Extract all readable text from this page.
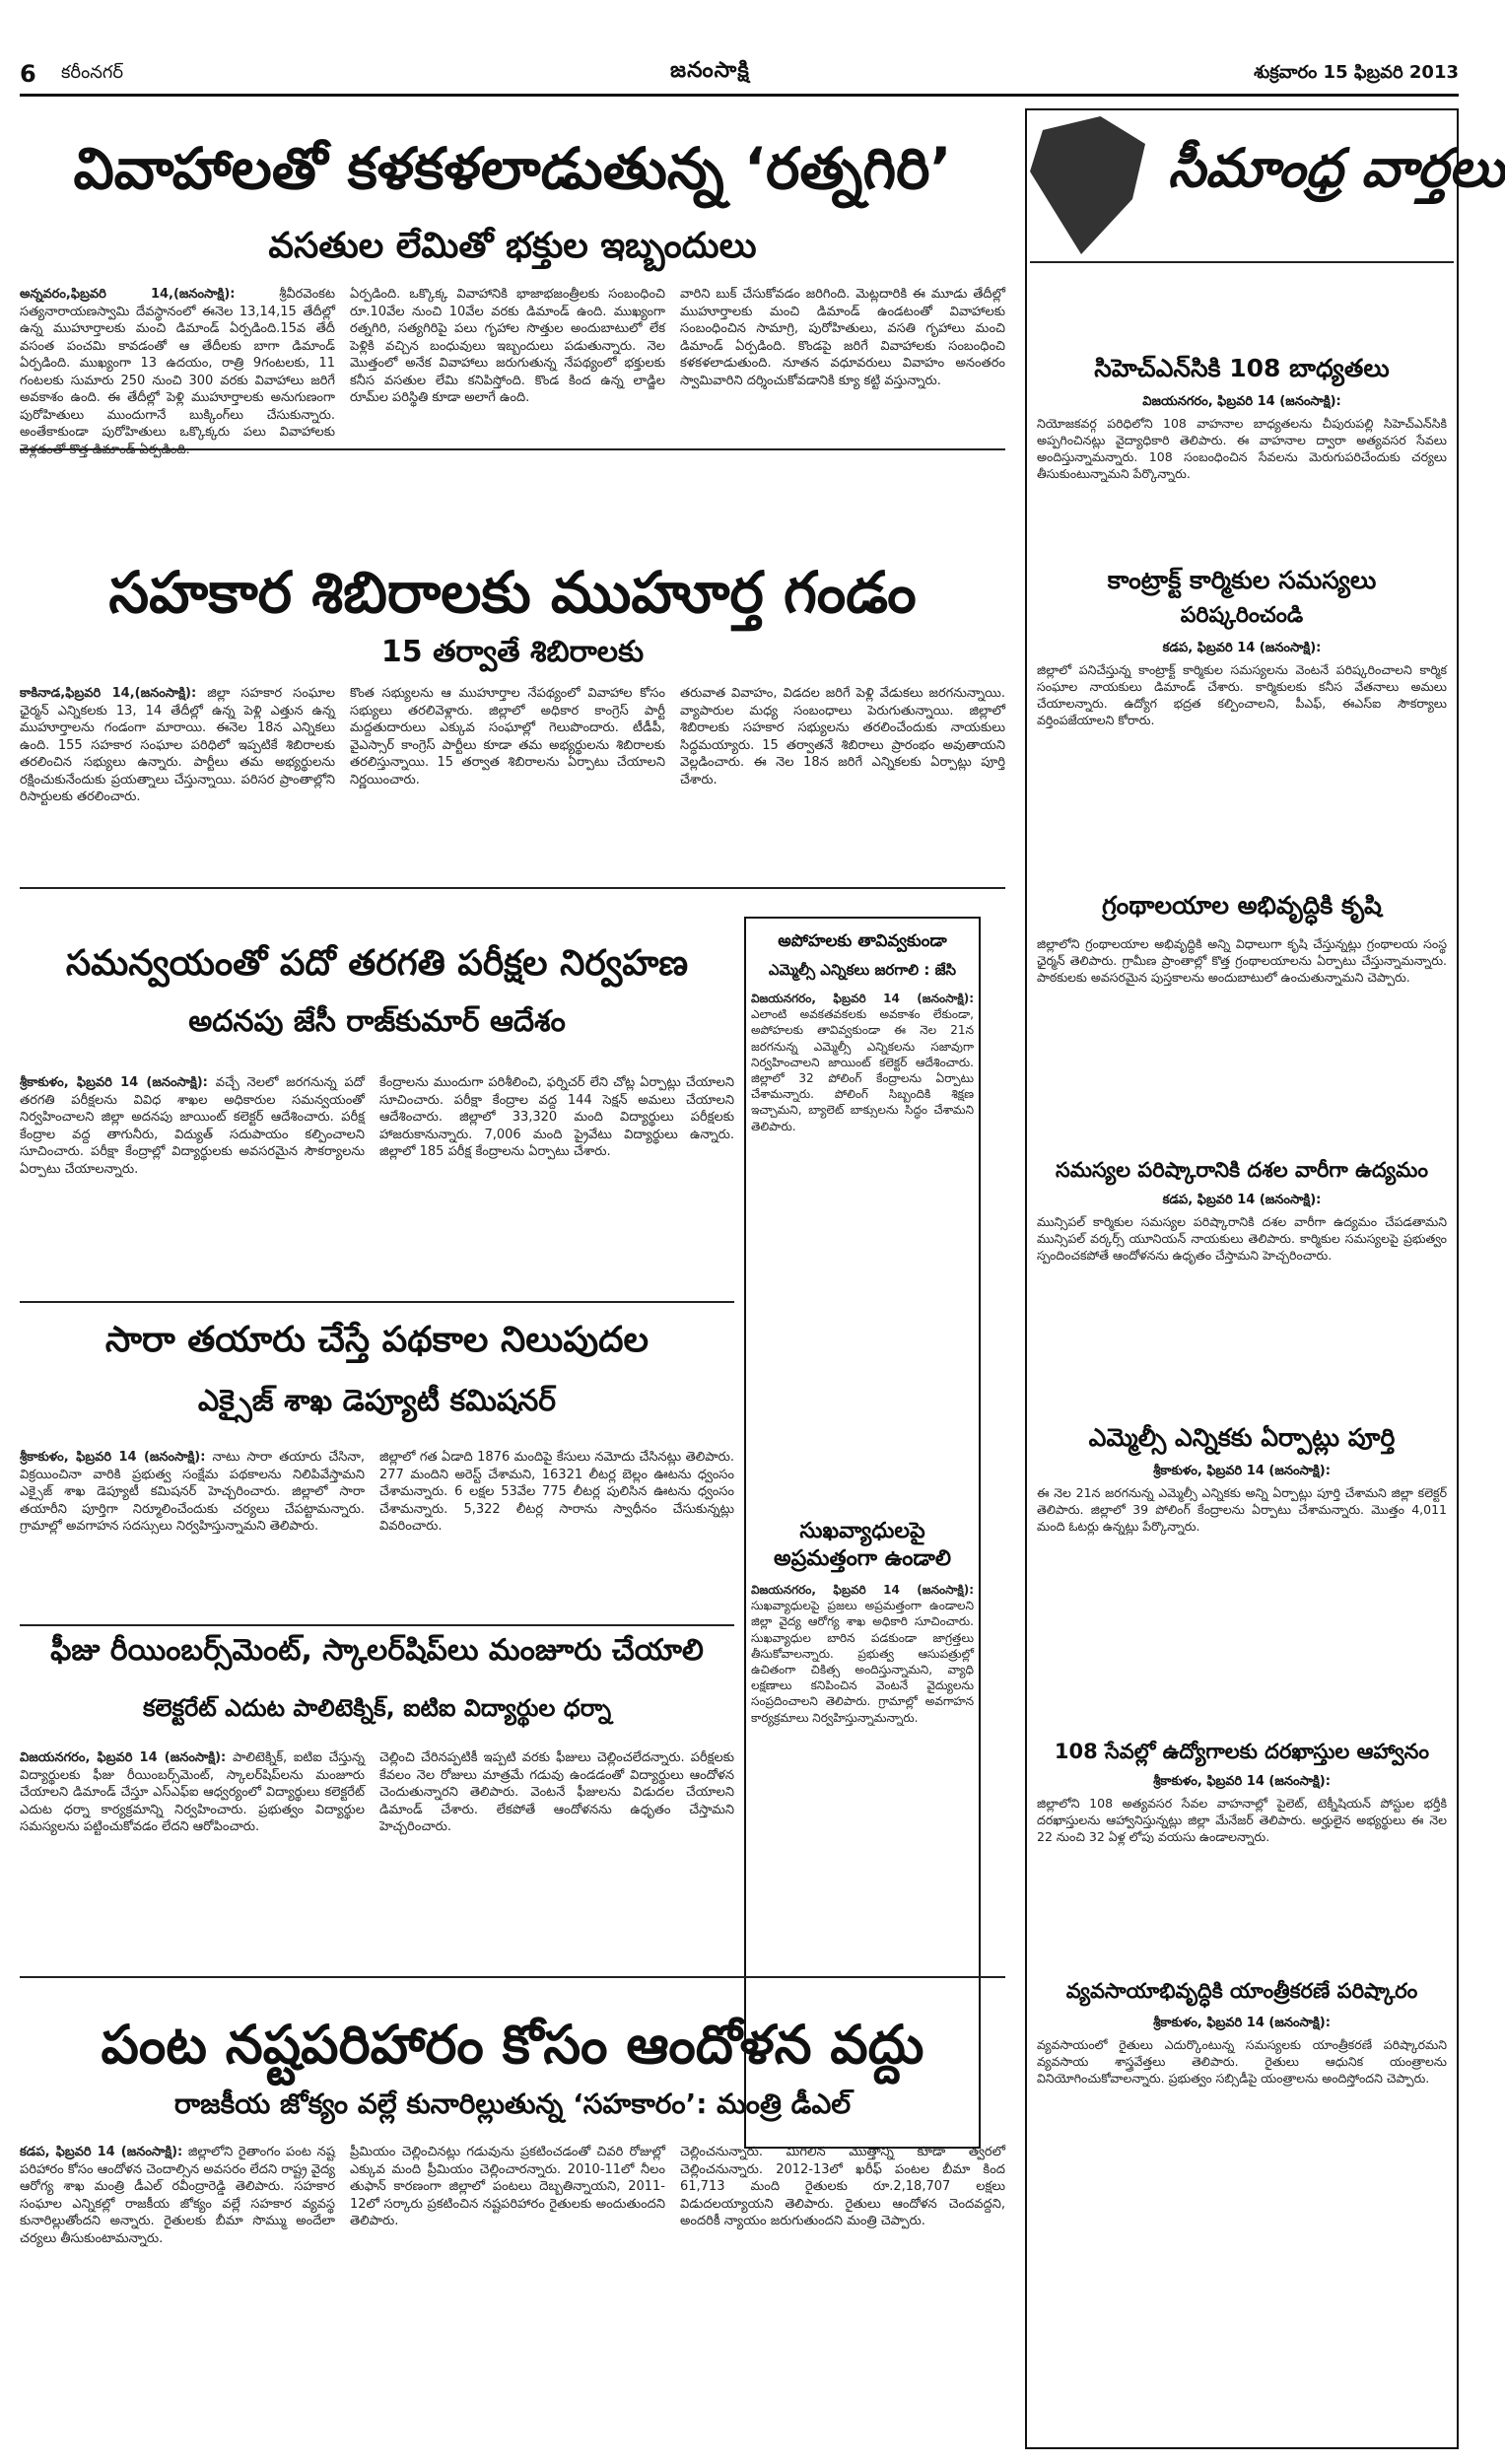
6 కరీంనగర్	జనంసాక్షి	శుక్రవారం 15 ఫిబ్రవరి 2013
వివాహాలతో కళకళలాడుతున్న ‘రత్నగిరి’
వసతుల లేమితో భక్తుల ఇబ్బందులు
అన్నవరం,ఫిబ్రవరి 14,(జనంసాక్షి):	శ్రీవీరవెంకట సత్యనారాయణస్వామి దేవస్థానంలో ఈనెల 13,14,15 తేదీల్లో ఉన్న ముహూర్తాలకు మంచి డిమాండ్ ఏర్పడింది.15వ తేదీ వసంత పంచమి కావడంతో ఆ తేదీలకు బాగా డిమాండ్ ఏర్పడింది. ముఖ్యంగా 13 ఉదయం, రాత్రి 9గంటలకు, 11 గంటలకు సుమారు 250 నుంచి 300 వరకు వివాహాలు జరిగే అవకాశం ఉంది. ఈ తేదీల్లో పెళ్లి ముహూర్తాలకు అనుగుణంగా పురోహితులు ముందుగానే బుక్కింగ్‌లు చేసుకున్నారు. అంతేకాకుండా పురోహితులు ఒక్కొక్కరు పలు వివాహాలకు
ఏర్పడింది. ఒక్కొక్క వివాహానికి భాజాభజంత్రీలకు సంబంధించి రూ.10వేల నుంచి 10వేల వరకు డిమాండ్‌ ఉంది. ముఖ్యంగా రత్నగిరి, సత్యగిరిపై పలు గృహాల సొత్తుల అందుబాటులో లేక పెళ్లికి వచ్చిన బంధువులు ఇబ్బందులు పడుతున్నారు. నెల మొత్తంలో అనేక వివాహాలు జరుగుతున్న నేపథ్యంలో భక్తులకు కనీస వసతుల లేమి కనిపిస్తోంది. కొండ కింద ఉన్న లాడ్జిల రూమ్‌ల పరిస్థితి కూడా అలాగే ఉంది.
వారిని బుక్ చేసుకోవడం జరిగింది. మెట్లదారికి ఈ మూడు తేదీల్లో ముహూర్తాలకు మంచి డిమాండ్‌ ఉండటంతో వివాహాలకు సంబంధించిన సామాగ్రి, పురోహితులు, వసతి గృహాలు మంచి డిమాండ్ ఏర్పడింది. కొండపై జరిగే వివాహాలకు సంబంధించి కళకళలాడుతుంది. నూతన వధూవరులు వివాహం అనంతరం స్వామివారిని దర్శించుకోవడానికి క్యూ కట్టి వస్తున్నారు.
సహకార శిబిరాలకు ముహూర్త గండం
15 తర్వాతే శిబిరాలకు
కాకినాడ,ఫిబ్రవరి 14,(జనంసాక్షి): జిల్లా సహకార సంఘాల ఛైర్మన్ ఎన్నికలకు 13, 14 తేదీల్లో ఉన్న పెళ్లి ఎత్తున ఉన్న ముహూర్తాలను గండంగా మారాయి. ఈనెల 18న ఎన్నికలు ఉంది. 155 సహకార సంఘాల పరిధిలో ఇప్పటికే శిబిరాలకు తరలించిన సభ్యులు ఉన్నారు. పార్టీలు తమ అభ్యర్థులను రక్షించుకునేందుకు ప్రయత్నాలు చేస్తున్నాయి. పరిసర ప్రాంతాల్లోని రిసార్టులకు తరలించారు.
కొంత సభ్యులను ఆ ముహూర్తాల నేపథ్యంలో వివాహాల కోసం సభ్యులు తరలివెళ్లారు. జిల్లాలో అధికార కాంగ్రెస్ పార్టీ మద్దతుదారులు ఎక్కువ సంఘాల్లో గెలుపొందారు. టీడీపీ, వైఎస్సార్ కాంగ్రెస్ పార్టీలు కూడా తమ అభ్యర్థులను శిబిరాలకు తరలిస్తున్నాయి. 15 తర్వాత శిబిరాలను ఏర్పాటు చేయాలని నిర్ణయించారు.
తరువాత వివాహం, విడదల జరిగే పెళ్లి వేడుకలు జరగనున్నాయి. వ్యాపారుల మధ్య సంబంధాలు పెరుగుతున్నాయి. జిల్లాలో శిబిరాలకు సహకార సభ్యులను తరలించేందుకు నాయకులు సిద్ధమయ్యారు. 15 తర్వాతనే శిబిరాలు ప్రారంభం అవుతాయని వెల్లడించారు. ఈ నెల 18న జరిగే ఎన్నికలకు ఏర్పాట్లు పూర్తి చేశారు.
సమన్వయంతో పదో తరగతి పరీక్షల నిర్వహణ
అదనపు జేసీ రాజ్‌కుమార్ ఆదేశం
శ్రీకాకుళం, ఫిబ్రవరి 14 (జనంసాక్షి): వచ్చే నెలలో జరగనున్న పదో తరగతి పరీక్షలను వివిధ శాఖల అధికారుల సమన్వయంతో నిర్వహించాలని జిల్లా అదనపు జాయింట్ కలెక్టర్ ఆదేశించారు. పరీక్ష కేంద్రాల వద్ద తాగునీరు, విద్యుత్ సదుపాయం కల్పించాలని సూచించారు. పరీక్షా కేంద్రాల్లో విద్యార్థులకు అవసరమైన సౌకర్యాలను ఏర్పాటు చేయాలన్నారు.
కేంద్రాలను ముందుగా పరిశీలించి, ఫర్నిచర్ లేని చోట్ల ఏర్పాట్లు చేయాలని సూచించారు. పరీక్షా కేంద్రాల వద్ద 144 సెక్షన్ అమలు చేయాలని ఆదేశించారు. జిల్లాలో 33,320 మంది విద్యార్థులు పరీక్షలకు హాజరుకానున్నారు. 7,006 మంది ప్రైవేటు విద్యార్థులు ఉన్నారు. జిల్లాలో 185 పరీక్ష కేంద్రాలను ఏర్పాటు చేశారు.
సారా తయారు చేస్తే పథకాల నిలుపుదల
ఎక్సైజ్ శాఖ డెప్యూటీ కమిషనర్
శ్రీకాకుళం, ఫిబ్రవరి 14 (జనంసాక్షి): నాటు సారా తయారు చేసినా, విక్రయించినా వారికి ప్రభుత్వ సంక్షేమ పథకాలను నిలిపివేస్తామని ఎక్సైజ్ శాఖ డెప్యూటీ కమిషనర్ హెచ్చరించారు. జిల్లాలో సారా తయారీని పూర్తిగా నిర్మూలించేందుకు చర్యలు చేపట్టామన్నారు. గ్రామాల్లో అవగాహన సదస్సులు నిర్వహిస్తున్నామని తెలిపారు.
జిల్లాలో గత ఏడాది 1876 మందిపై కేసులు నమోదు చేసినట్లు తెలిపారు. 277 మందిని అరెస్ట్ చేశామని, 16321 లీటర్ల బెల్లం ఊటను ధ్వంసం చేశామన్నారు. 6 లక్షల 53వేల 775 లీటర్ల పులిసిన ఊటను ధ్వంసం చేశామన్నారు. 5,322 లీటర్ల సారాను స్వాధీనం చేసుకున్నట్లు వివరించారు.
ఫీజు రీయింబర్స్‌మెంట్, స్కాలర్‌షిప్‌లు మంజూరు చేయాలి
కలెక్టరేట్ ఎదుట పాలిటెక్నిక్, ఐటిఐ విద్యార్థుల ధర్నా
విజయనగరం, ఫిబ్రవరి 14 (జనంసాక్షి): పాలిటెక్నిక్, ఐటిఐ చేస్తున్న విద్యార్థులకు ఫీజు రీయింబర్స్‌మెంట్, స్కాలర్‌షిప్‌లను మంజూరు చేయాలని డిమాండ్ చేస్తూ ఎస్ఎఫ్ఐ ఆధ్వర్యంలో విద్యార్థులు కలెక్టరేట్ ఎదుట ధర్నా కార్యక్రమాన్ని నిర్వహించారు. ప్రభుత్వం విద్యార్థుల సమస్యలను పట్టించుకోవడం లేదని ఆరోపించారు.
చెల్లించి చేరినప్పటికీ ఇప్పటి వరకు ఫీజులు చెల్లించలేదన్నారు. పరీక్షలకు కేవలం నెల రోజులు మాత్రమే గడువు ఉండడంతో విద్యార్థులు ఆందోళన చెందుతున్నారని తెలిపారు. వెంటనే ఫీజులను విడుదల చేయాలని డిమాండ్ చేశారు. లేకపోతే ఆందోళనను ఉధృతం చేస్తామని హెచ్చరించారు.
అపోహలకు తావివ్వకుండా
ఎమ్మెల్సీ ఎన్నికలు జరగాలి : జేసి
విజయనగరం, ఫిబ్రవరి 14 (జనంసాక్షి): ఎలాంటి అవకతవకలకు అవకాశం లేకుండా, అపోహలకు తావివ్వకుండా ఈ నెల 21న జరగనున్న ఎమ్మెల్సీ ఎన్నికలను సజావుగా నిర్వహించాలని జాయింట్ కలెక్టర్ ఆదేశించారు. జిల్లాలో 32 పోలింగ్ కేంద్రాలను ఏర్పాటు చేశామన్నారు. పోలింగ్ సిబ్బందికి శిక్షణ ఇచ్చామని, బ్యాలెట్ బాక్సులను సిద్ధం చేశామని తెలిపారు.
సుఖవ్యాధులపై అప్రమత్తంగా ఉండాలి
విజయనగరం, ఫిబ్రవరి 14 (జనంసాక్షి): సుఖవ్యాధులపై ప్రజలు అప్రమత్తంగా ఉండాలని జిల్లా వైద్య ఆరోగ్య శాఖ అధికారి సూచించారు. సుఖవ్యాధుల బారిన పడకుండా జాగ్రత్తలు తీసుకోవాలన్నారు. ప్రభుత్వ ఆసుపత్రుల్లో ఉచితంగా చికిత్స అందిస్తున్నామని, వ్యాధి లక్షణాలు కనిపించిన వెంటనే వైద్యులను సంప్రదించాలని తెలిపారు. గ్రామాల్లో అవగాహన కార్యక్రమాలు నిర్వహిస్తున్నామన్నారు.
పంట నష్టపరిహారం కోసం ఆందోళన వద్దు
రాజకీయ జోక్యం వల్లే కునారిల్లుతున్న ‘సహకారం’: మంత్రి డీఎల్
కడప, ఫిబ్రవరి 14 (జనంసాక్షి): జిల్లాలోని రైతాంగం పంట నష్ట పరిహారం కోసం ఆందోళన చెందాల్సిన అవసరం లేదని రాష్ట్ర వైద్య ఆరోగ్య శాఖ మంత్రి డీఎల్ రవీంద్రారెడ్డి తెలిపారు. సహకార సంఘాల ఎన్నికల్లో రాజకీయ జోక్యం వల్లే సహకార వ్యవస్థ కునారిల్లుతోందని అన్నారు. రైతులకు బీమా సొమ్ము అందేలా చర్యలు తీసుకుంటామన్నారు.
ప్రీమియం చెల్లించినట్లు గడువును ప్రకటించడంతో చివరి రోజుల్లో ఎక్కువ మంది ప్రీమియం చెల్లించారన్నారు. 2010-11లో నీలం తుఫాన్ కారణంగా జిల్లాలో పంటలు దెబ్బతిన్నాయని, 2011-12లో సర్కారు ప్రకటించిన నష్టపరిహారం రైతులకు అందుతుందని తెలిపారు.
చెల్లించనున్నారు. మిగిలిన మొత్తాన్ని కూడా త్వరలో చెల్లించనున్నారు. 2012-13లో ఖరీఫ్ పంటల బీమా కింద 61,713 మంది రైతులకు రూ.2,18,707 లక్షలు విడుదలయ్యాయని తెలిపారు. రైతులు ఆందోళన చెందవద్దని, అందరికీ న్యాయం జరుగుతుందని మంత్రి చెప్పారు.
సీమాంధ్ర వార్తలు
సిహెచ్‌ఎన్‌సికి 108 బాధ్యతలు
విజయనగరం, ఫిబ్రవరి 14 (జనంసాక్షి):
నియోజకవర్గ పరిధిలోని 108 వాహనాల బాధ్యతలను చీపురుపల్లి సిహెచ్‌ఎన్‌సికి అప్పగించినట్లు వైద్యాధికారి తెలిపారు. ఈ వాహనాల ద్వారా అత్యవసర సేవలు అందిస్తున్నామన్నారు. 108 సంబంధించిన సేవలను మెరుగుపరిచేందుకు చర్యలు తీసుకుంటున్నామని పేర్కొన్నారు.
కాంట్రాక్ట్ కార్మికుల సమస్యలు
పరిష్కరించండి
కడప, ఫిబ్రవరి 14 (జనంసాక్షి):
జిల్లాలో పనిచేస్తున్న కాంట్రాక్ట్ కార్మికుల సమస్యలను వెంటనే పరిష్కరించాలని కార్మిక సంఘాల నాయకులు డిమాండ్ చేశారు. కార్మికులకు కనీస వేతనాలు అమలు చేయాలన్నారు. ఉద్యోగ భద్రత కల్పించాలని, పీఎఫ్, ఈఎస్ఐ సౌకర్యాలు వర్తింపజేయాలని కోరారు.
గ్రంథాలయాల అభివృద్ధికి కృషి
జిల్లాలోని గ్రంథాలయాల అభివృద్ధికి అన్ని విధాలుగా కృషి చేస్తున్నట్లు గ్రంథాలయ సంస్థ ఛైర్మన్ తెలిపారు. గ్రామీణ ప్రాంతాల్లో కొత్త గ్రంథాలయాలను ఏర్పాటు చేస్తున్నామన్నారు. పాఠకులకు అవసరమైన పుస్తకాలను అందుబాటులో ఉంచుతున్నామని చెప్పారు.
సమస్యల పరిష్కారానికి దశల వారీగా ఉద్యమం
కడప, ఫిబ్రవరి 14 (జనంసాక్షి):
మున్సిపల్ కార్మికుల సమస్యల పరిష్కారానికి దశల వారీగా ఉద్యమం చేపడతామని మున్సిపల్ వర్కర్స్ యూనియన్ నాయకులు తెలిపారు. కార్మికుల సమస్యలపై ప్రభుత్వం స్పందించకపోతే ఆందోళనను ఉధృతం చేస్తామని హెచ్చరించారు.
ఎమ్మెల్సీ ఎన్నికకు ఏర్పాట్లు పూర్తి
శ్రీకాకుళం, ఫిబ్రవరి 14 (జనంసాక్షి):
ఈ నెల 21న జరగనున్న ఎమ్మెల్సీ ఎన్నికకు అన్ని ఏర్పాట్లు పూర్తి చేశామని జిల్లా కలెక్టర్ తెలిపారు. జిల్లాలో 39 పోలింగ్ కేంద్రాలను ఏర్పాటు చేశామన్నారు. మొత్తం 4,011 మంది ఓటర్లు ఉన్నట్లు పేర్కొన్నారు.
108 సేవల్లో ఉద్యోగాలకు దరఖాస్తుల ఆహ్వానం
శ్రీకాకుళం, ఫిబ్రవరి 14 (జనంసాక్షి):
జిల్లాలోని 108 అత్యవసర సేవల వాహనాల్లో పైలెట్, టెక్నీషియన్ పోస్టుల భర్తీకి దరఖాస్తులను ఆహ్వానిస్తున్నట్లు జిల్లా మేనేజర్ తెలిపారు. అర్హులైన అభ్యర్థులు ఈ నెల 22 నుంచి 32 ఏళ్ల లోపు వయసు ఉండాలన్నారు.
వ్యవసాయాభివృద్ధికి యాంత్రీకరణే పరిష్కారం
శ్రీకాకుళం, ఫిబ్రవరి 14 (జనంసాక్షి):
వ్యవసాయంలో రైతులు ఎదుర్కొంటున్న సమస్యలకు యాంత్రీకరణే పరిష్కారమని వ్యవసాయ శాస్త్రవేత్తలు తెలిపారు. రైతులు ఆధునిక యంత్రాలను వినియోగించుకోవాలన్నారు. ప్రభుత్వం సబ్సిడీపై యంత్రాలను అందిస్తోందని చెప్పారు.
